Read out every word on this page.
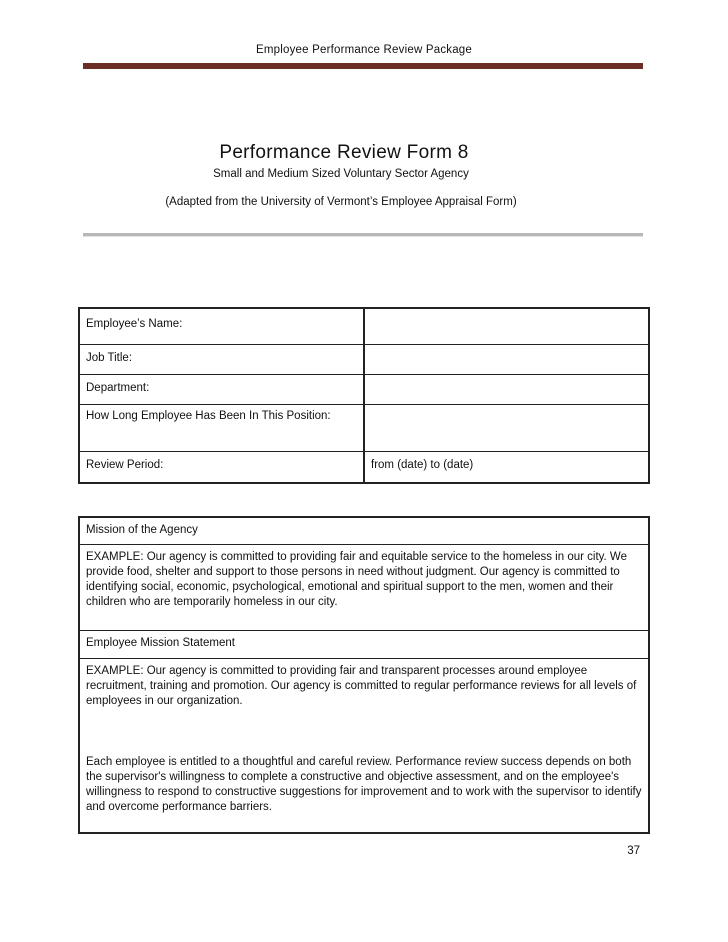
Employee Performance Review Package
Performance Review Form 8
Small and Medium Sized Voluntary Sector Agency
(Adapted from the University of Vermont’s Employee Appraisal Form)
Employee’s Name:	
Job Title:	
Department:	
How Long Employee Has Been In This Position:	
Review Period:	from (date) to (date)
Mission of the Agency
EXAMPLE: Our agency is committed to providing fair and equitable service to the homeless in our city. We provide food, shelter and support to those persons in need without judgment. Our agency is committed to identifying social, economic, psychological, emotional and spiritual support to the men, women and their children who are temporarily homeless in our city.
Employee Mission Statement

EXAMPLE: Our agency is committed to providing fair and transparent processes around employee recruitment, training and promotion. Our agency is committed to regular performance reviews for all levels of employees in our organization.
Each employee is entitled to a thoughtful and careful review. Performance review success depends on both the supervisor's willingness to complete a constructive and objective assessment, and on the employee's willingness to respond to constructive suggestions for improvement and to work with the supervisor to identify and overcome performance barriers.
37
